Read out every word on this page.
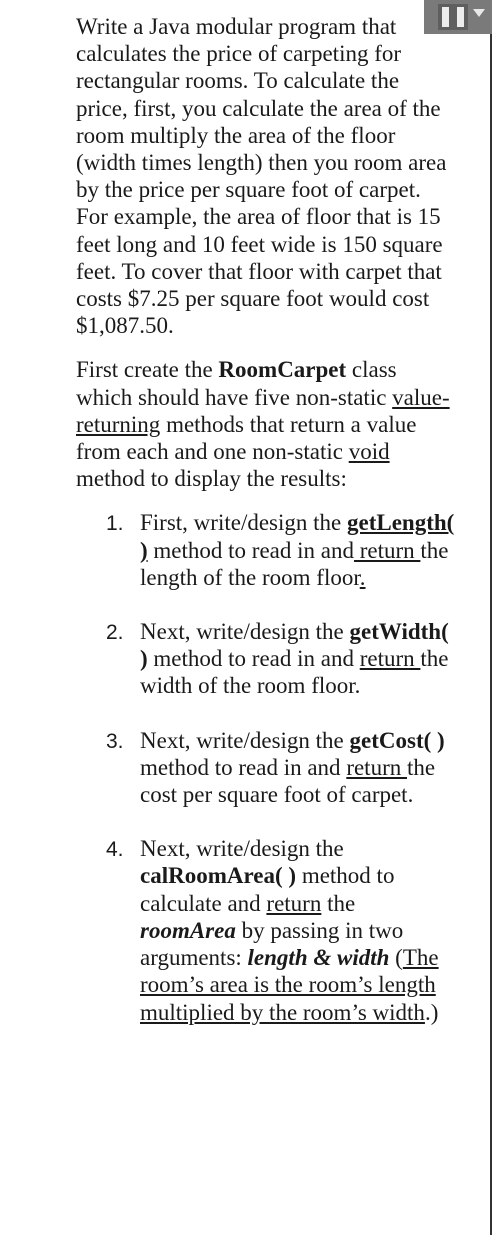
Write a Java modular program that calculates the price of carpeting for rectangular rooms. To calculate the price, first, you calculate the area of the room multiply the area of the floor (width times length) then you room area by the price per square foot of carpet. For example, the area of floor that is 15 feet long and 10 feet wide is 150 square feet. To cover that floor with carpet that costs $7.25 per square foot would cost $1,087.50.

First create the RoomCarpet class which should have five non-static value-returning methods that return a value from each and one non-static void method to display the results:

1. First, write/design the getLength( ) method to read in and return the length of the room floor.
2. Next, write/design the getWidth( ) method to read in and return the width of the room floor.
3. Next, write/design the getCost( ) method to read in and return the cost per square foot of carpet.
4. Next, write/design the calRoomArea( ) method to calculate and return the roomArea by passing in two arguments: length & width (The room’s area is the room’s length multiplied by the room’s width.)
